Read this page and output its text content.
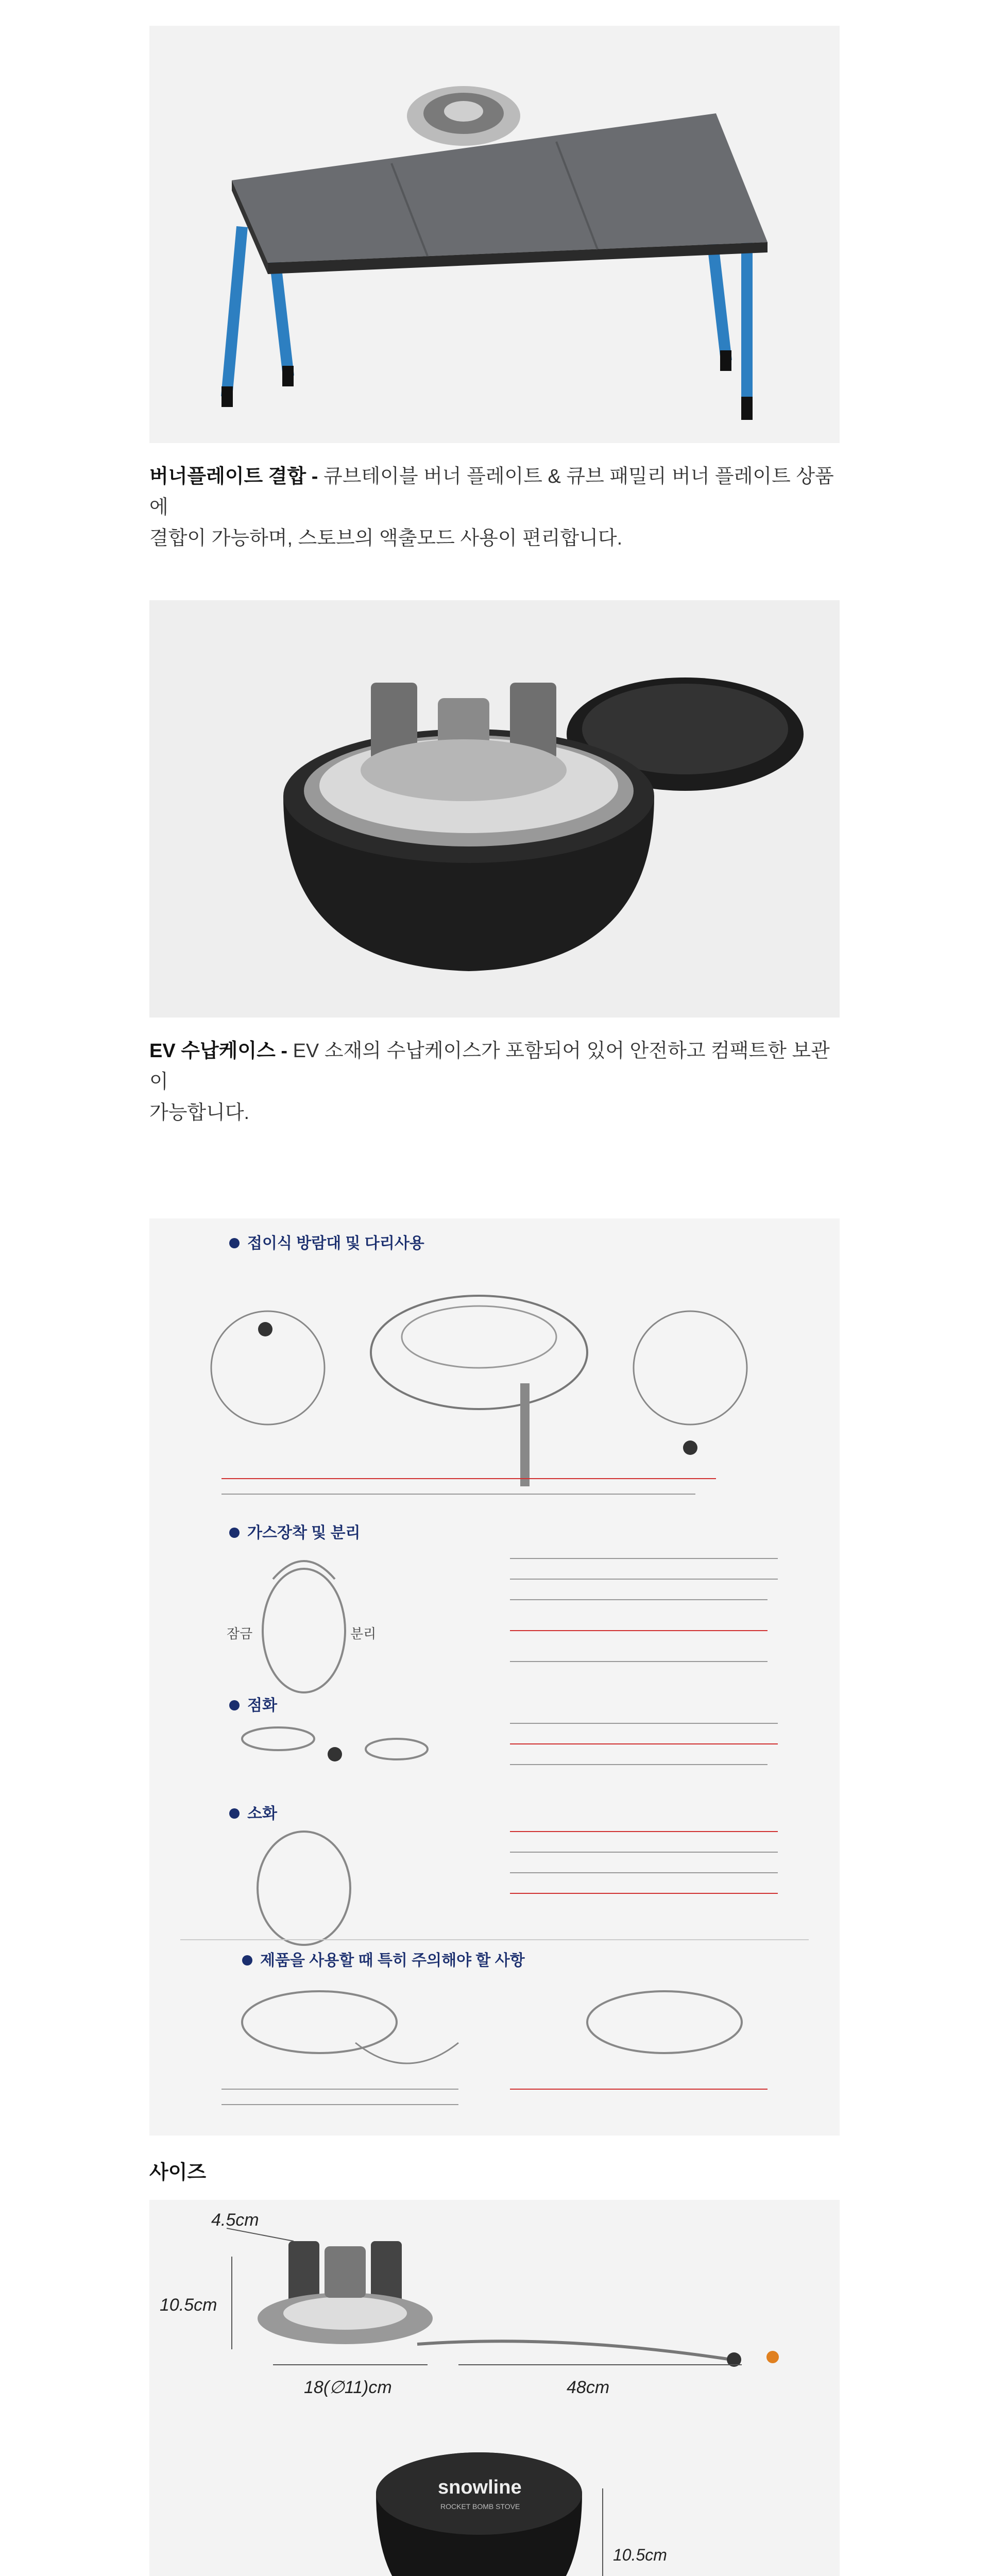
버너플레이트 결합 - 큐브테이블 버너 플레이트 & 큐브 패밀리 버너 플레이트 상품에
결합이 가능하며, 스토브의 액출모드 사용이 편리합니다.
EV 수납케이스 - EV 소재의 수납케이스가 포함되어 있어 안전하고 컴팩트한 보관이
가능합니다.
접이식 방람대 및 다리사용
가스장착 및 분리
잠금	분리
점화
소화
제품을 사용할 때 특히 주의해야 할 사항
사이즈
4.5cm
10.5cm
18(∅11)cm	48cm
snowline
ROCKET BOMB STOVE
10.5cm
